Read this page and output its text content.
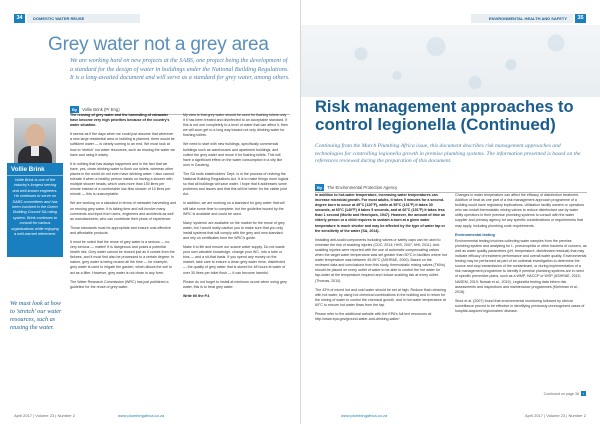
34	DOMESTIC WATER REUSE
Grey water not a grey area

We are working hard on new projects at the SABS, one project being the development of a standard for the design of water in buildings under the National Building Regulations. It is a long-awaited document and will serve as a standard for grey water, among others.

By	Vollie Brink (Pr Eng)
Vollie Brink

Vollie Brink is one of the industry's longest serving and well-known engineers. He continues to serve on SABS committees and has been involved in the Green Building Council SA rating system. Brink continues to consult for various organisations while enjoying a well-earned retirement.

We must look at how to 'stretch' our water resources, such as reusing the water.

The reusing of grey water and the harvesting of rainwater have become very high priorities because of the country's water situation.

It seems as if the days when we could just assume that wherever a new large residential area or building is planned, there would be sufficient water — is clearly coming to an end. We must look at how to 'stretch' our water resources, such as reusing the water we have and using it wisely.

It is nothing that has always happened and in the fact that we have, yes, clean drinking water to flush our toilets, whereas other places in the world do not even have drinking water. I also cannot tolerate it when a healthy person insists on having a shower with multiple shower heads, which uses more than 150 litres per minute instead of a comfortable low-flow shower of 10 litres per minute — this is unacceptable.

We are working on a standard in terms of rainwater harvesting and on reusing grey water. It is taking time and will involve many comments and input from users, engineers and architects as well as manufacturers, who can contribute their years of experience.

Those standards must be appropriate and ensure cost-effective and affordable products.

It must be noted that the reuse of grey water is a serious — no, very serious — matter! It is dangerous and poses a potential health risk. Grey water cannot be reused just as it comes from the fixtures, and it must first also be processed to a certain degree. In nature, grey water is being reused all the time — for example, grey water is used to irrigate the garden, which allows the soil to act as a filter. However, grey water is not clean in any form.

The Water Research Commission (WRC) has just published a guideline for the reuse of grey water.

My view is that grey water should be used for flushing toilets only if it has been treated and disinfected to an acceptable standard. If this is not one completely to a level of water that can affect it, then we will soon get to a long way toward not only drinking water for flushing toilets.

We need to start with new buildings, specifically commercial buildings such as warehouses and apartment buildings, and collect the grey water and reuse it for flushing toilets. This will have a significant effect on the water consumption in a city like ours in Gauteng.

The SA roofs stakeholders' Dept. is in the process of revising the National Building Regulations Act. It is to make things more logical so that all buildings will save water. I hope that it addresses some problems and issues and that this will be better for the viable joint Act.

In addition, we are working on a standard for grey water that will still take some time to complete, but the guideline issued by the WRC is available and could be used.

Many 'systems' are available on the market for the reuse of grey water, but I would really caution you to make sure that you only install systems that will comply with the grey and new standard and rely on certificates from the WRC's guide.

Make it to life and ensure our scarce water supply. Do not waste your own valuable knowledge, change your WC- into a tube or bins — and a sit-that basis. If you spend any money on the market, take care to ensure a clean grey water rinse, disinfected — the quality of grey water that is stored for 48 hours at water of over 30 litres per toilet flush — it can become harmful.

Please do not forget to install at minimum ozone when using grey water, this is to treat grey water.

Write till the P.4

April 2017 | Volume 23 | Number 2	www.plumbingafrica.co.za
ENVIRONMENTAL HEALTH AND SAFETY	35
Risk management approaches to
control legionella (Continued)

Continuing from the March Plumbing Africa issue, this document describes risk management approaches and technologies for controlling legionella growth in premise plumbing systems. The information presented is based on the references reviewed during the preparation of this document.

By	The Environmental Protection Agency

In addition to hot-water temperature, increasing water temperatures can increase microbial growth. For most adults, it takes 5 minutes for a second-degree burn to occur at 49°C (120°F), while at 55°C (131°F) it takes 30 seconds, at 60°C (140°F) it takes 5 seconds, and at 66°C (151°F) it takes less than 1 second (Moritz and Henriques, 1947). However, the amount of time an elderly person or a child requires to sustain a burn at a given water temperature is much shorter and may be affected by the type of water tap or the sensitivity of the water (SA, 2014).

Installing anti-scald components including valves or safety caps can be used to minimise the risk of scalding injuries (CDC, 2014; HHS, 2007; NHI, 2011). Anti-scalding injuries were reported with the use of automatic compensating valves when the target water temperature was set greater than 50°C in facilities where hot water temperature was between 49-55°C (ASHRAE, 2000). Based on the reviewed data and conclusions from this study, thermostatic mixing valves (TMVs) should be placed on every outlet of water to be able to control the hot water for tap-water at the temperature required and reduce scalding risk at every outlet. (Thomas, 2010).

The 43% of mixed hot and cold water should be set at high. Reduce flush cleaning with hot water, by using hot chemical combinations in the building and in return for the mixing of water to control the chemical growth, and in hot water temperature at 60°C to ensure hot water flows from the tap.

Please refer to the additional website with the EPA's full text resources at: http://www.epa.gov/ground-water-and-drinking-water/

Changes in water temperature can affect the efficacy of disinfection treatment. Addition of heat as one part of a risk management approach programme of a building could have regulatory implications. Utilisation facility owners or operators who can install thermostatic mixing valves to reduce disinfectant use by water utility operators in their premise plumbing systems to consult with the water supplier and primacy agency for any specific considerations or requirements that may apply, including plumbing code requirements.

Environmental testing

Environmental testing involves collecting water samples from the premise plumbing system and analysing for L. pneumophila or other bacteria of concern, as well as water quality parameters (pH, temperature, disinfectant residual) that may indicate efficacy of treatment performance and overall water quality. Environmental testing may be performed as part of an outbreak investigation to determine the source and stop transmission of the contaminant, or during implementation of a risk management programme to identify if premise plumbing systems are in need of specific preventive plans, such as a WMP, HACCP or WSP (ASHRAE, 2015; NASEM, 2019; Nowak et al., 2019). Legionella testing data inform risk assessments and inspections and maintenance programmes (Kleinman et al., 2018).

Stout et al. (2007) found that environmental monitoring followed by clinical surveillance proved to be effective in identifying previously unrecognised cases of hospital-acquired legionnaires' disease.

Continued on page 38 ›
www.plumbingafrica.co.za	April 2017 | Volume 23 | Number 2
